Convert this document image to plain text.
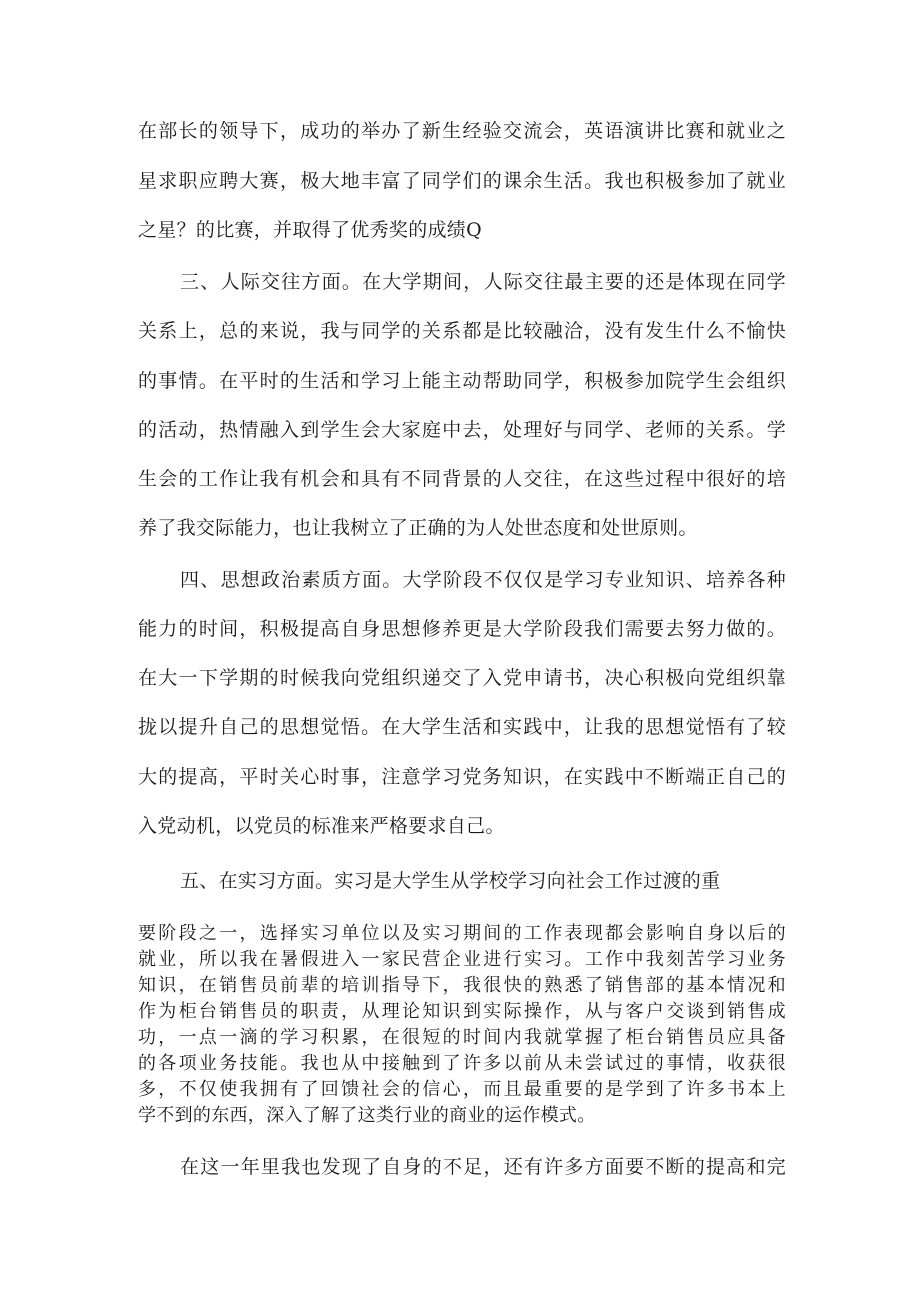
在部长的领导下，成功的举办了新生经验交流会，英语演讲比赛和就业之
星求职应聘大赛，极大地丰富了同学们的课余生活。我也积极参加了就业
之星？的比赛，并取得了优秀奖的成绩Q
三、人际交往方面。在大学期间，人际交往最主要的还是体现在同学
关系上，总的来说，我与同学的关系都是比较融洽，没有发生什么不愉快
的事情。在平时的生活和学习上能主动帮助同学，积极参加院学生会组织
的活动，热情融入到学生会大家庭中去，处理好与同学、老师的关系。学
生会的工作让我有机会和具有不同背景的人交往，在这些过程中很好的培
养了我交际能力，也让我树立了正确的为人处世态度和处世原则。
四、思想政治素质方面。大学阶段不仅仅是学习专业知识、培养各种
能力的时间，积极提高自身思想修养更是大学阶段我们需要去努力做的。
在大一下学期的时候我向党组织递交了入党申请书，决心积极向党组织靠
拢以提升自己的思想觉悟。在大学生活和实践中，让我的思想觉悟有了较
大的提高，平时关心时事，注意学习党务知识，在实践中不断端正自己的
入党动机，以党员的标准来严格要求自己。
五、在实习方面。实习是大学生从学校学习向社会工作过渡的重
要阶段之一，选择实习单位以及实习期间的工作表现都会影响自身以后的
就业，所以我在暑假进入一家民营企业进行实习。工作中我刻苦学习业务
知识，在销售员前辈的培训指导下，我很快的熟悉了销售部的基本情况和
作为柜台销售员的职责，从理论知识到实际操作，从与客户交谈到销售成
功，一点一滴的学习积累，在很短的时间内我就掌握了柜台销售员应具备
的各项业务技能。我也从中接触到了许多以前从未尝试过的事情，收获很
多，不仅使我拥有了回馈社会的信心，而且最重要的是学到了许多书本上
学不到的东西，深入了解了这类行业的商业的运作模式。
在这一年里我也发现了自身的不足，还有许多方面要不断的提高和完
